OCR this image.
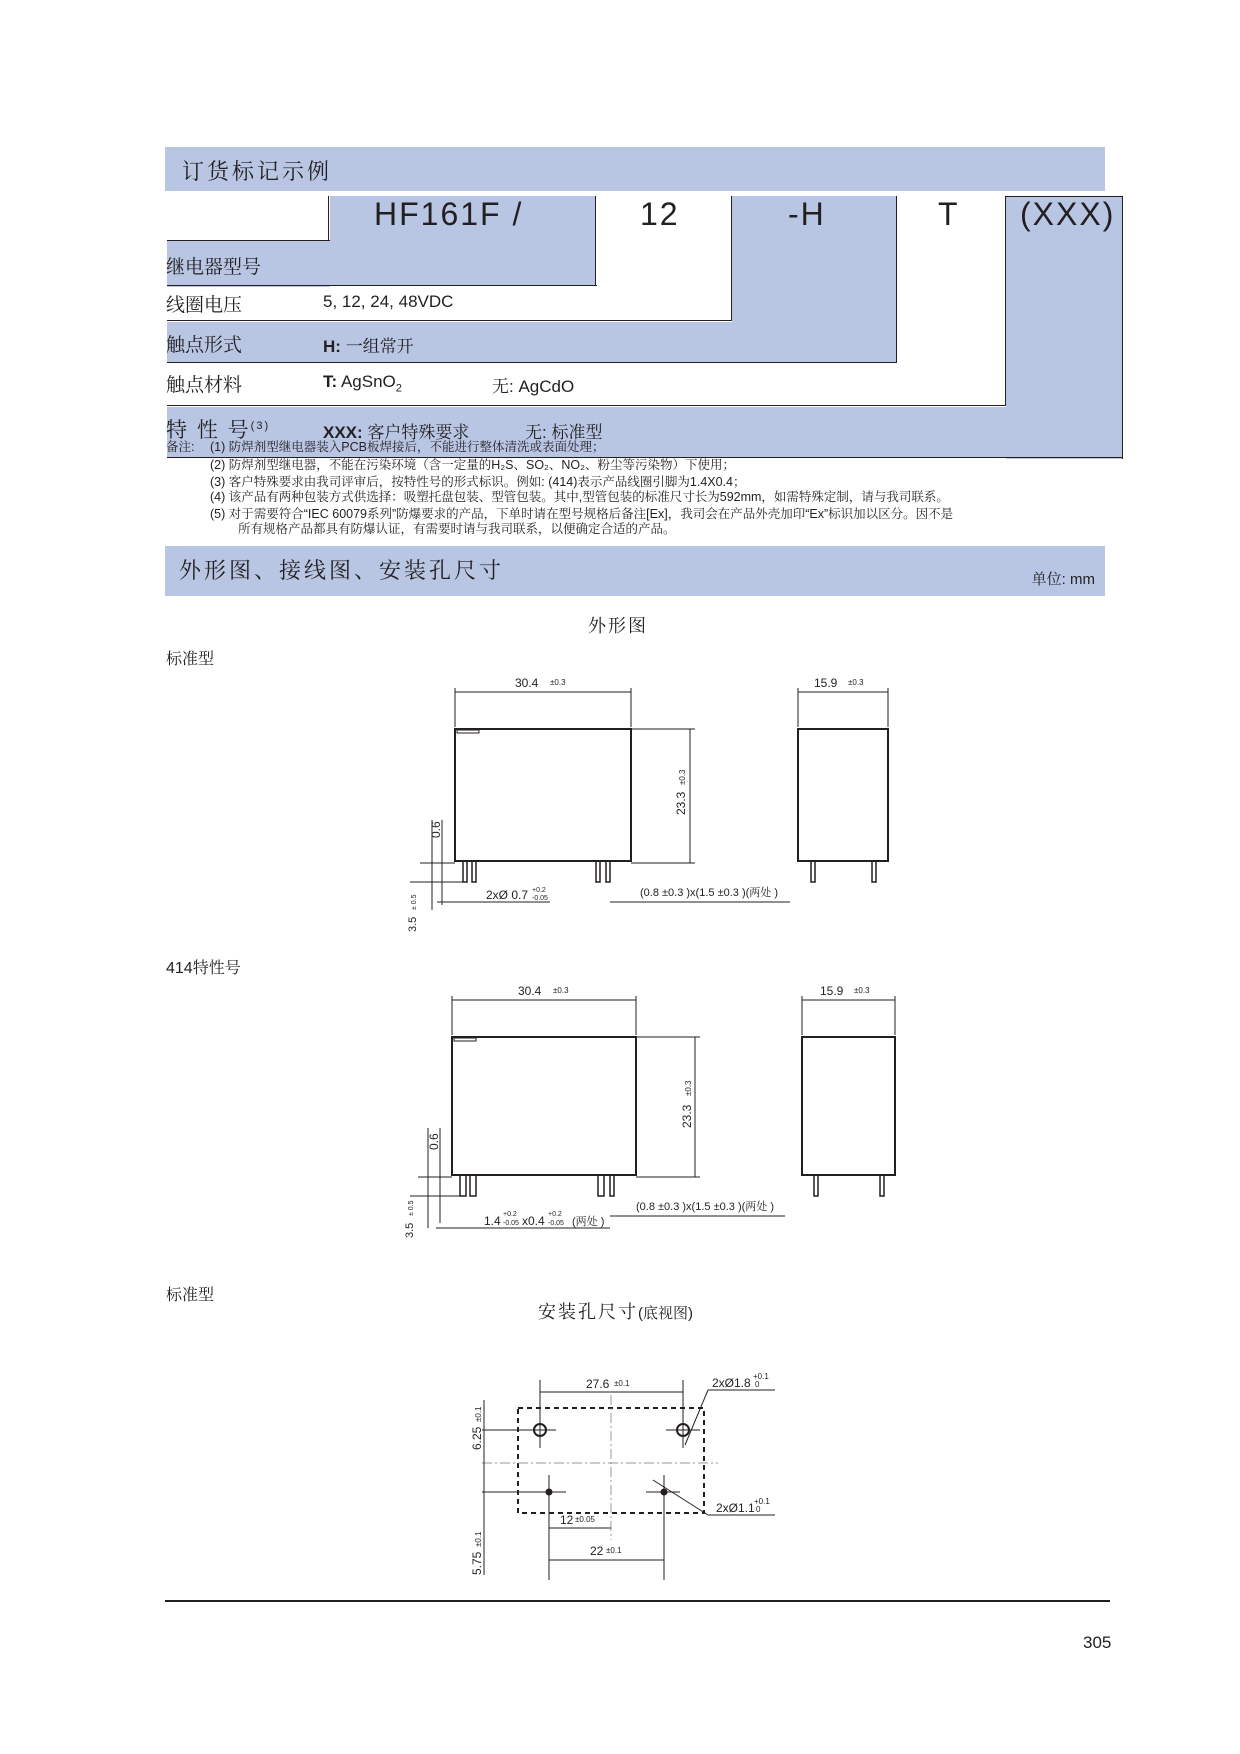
订货标记示例
HF161F /	12	-H	T (XXX)
继电器型号
线圈电压	5, 12, 24, 48VDC
触点形式	H: 一组常开
触点材料	T: AgSnO$_2$	无: AgCdO
特 性 号$^{(3)}$	XXX: 客户特殊要求	无: 标准型
备注: (1) 防焊剂型继电器装入PCB板焊接后，不能进行整体清洗或表面处理；
(2) 防焊剂型继电器，不能在污染环境（含一定量的H₂S、SO₂、NO₂、粉尘等污染物）下使用；
(3) 客户特殊要求由我司评审后，按特性号的形式标识。例如: (414)表示产品线圈引脚为1.4X0.4；
(4) 该产品有两种包装方式供选择：吸塑托盘包装、型管包装。其中,型管包装的标准尺寸长为592mm，如需特殊定制，请与我司联系。
(5) 对于需要符合“IEC 60079系列”防爆要求的产品，下单时请在型号规格后备注[Ex]，我司会在产品外壳加印“Ex”标识加以区分。因不是
所有规格产品都具有防爆认证，有需要时请与我司联系，以便确定合适的产品。
外形图、接线图、安装孔尺寸	单位: mm
外形图
标准型
414特性号
标准型
安装孔尺寸(底视图)
30.4 ±0.3
23.3
±0.3
0.6
3.5
± 0.5	2xØ 0.7 +0.2
-0.05	(0.8 ±0.3 )x(1.5 ±0.3 )(两处 )
15.9 ±0.3
30.4 ±0.3
23.3
±0.3
0.6
3.5
± 0.5	(0.8 ±0.3 )x(1.5 ±0.3 )(两处 )
1.4 +0.2
-0.05 x0.4 +0.2
-0.05 (两处 )
15.9 ±0.3
27.6 ±0.1	2xØ1.8 +0.1
0
2xØ1.1 +0.1
0
12 ±0.05
22 ±0.1
6.25
±0.1
5.75
±0.1
305
